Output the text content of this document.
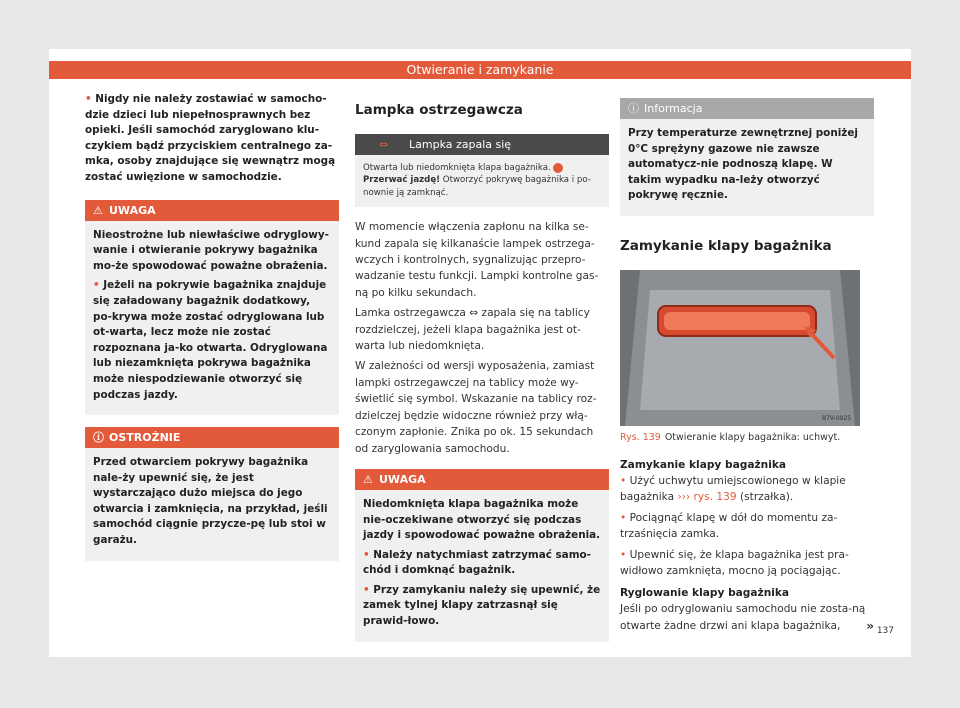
Otwieranie i zamykanie
• Nigdy nie należy zostawiać w samocho-dzie dzieci lub niepełnosprawnych bez opieki. Jeśli samochód zaryglowano klu-czykiem bądź przyciskiem centralnego za-mka, osoby znajdujące się wewnątrz mogą zostać uwięzione w samochodzie.
⚠ UWAGA

Nieostrożne lub niewłaściwe odryglowy-wanie i otwieranie pokrywy bagażnika mo-że spowodować poważne obrażenia.

• Jeżeli na pokrywie bagażnika znajduje się załadowany bagażnik dodatkowy, po-krywa może zostać odryglowana lub ot-warta, lecz może nie zostać rozpoznana ja-ko otwarta. Odryglowana lub niezamknięta pokrywa bagażnika może niespodziewanie otworzyć się podczas jazdy.

ⓘ OSTROŻNIE

Przed otwarciem pokrywy bagażnika nale-ży upewnić się, że jest wystarczająco dużo miejsca do jego otwarcia i zamknięcia, na przykład, jeśli samochód ciągnie przycze-pę lub stoi w garażu.

Lampka ostrzegawcza
⇔ Lampka zapala się
Otwarta lub niedomknięta klapa bagażnika.
Przerwać jazdę! Otworzyć pokrywę bagażnika i po-nownie ją zamknąć.

W momencie włączenia zapłonu na kilka se-kund zapala się kilkanaście lampek ostrzega-wczych i kontrolnych, sygnalizując przepro-wadzanie testu funkcji. Lampki kontrolne gas-ną po kilku sekundach.

Lamka ostrzegawcza ⇔ zapala się na tablicy rozdzielczej, jeżeli klapa bagażnika jest ot-warta lub niedomknięta.

W zależności od wersji wyposażenia, zamiast lampki ostrzegawczej na tablicy może wy-świetlić się symbol. Wskazanie na tablicy roz-dzielczej będzie widoczne również przy włą-czonym zapłonie. Znika po ok. 15 sekundach od zaryglowania samochodu.

⚠ UWAGA

Niedomknięta klapa bagażnika może nie-oczekiwane otworzyć się podczas jazdy i spowodować poważne obrażenia.

• Należy natychmiast zatrzymać samo-chód i domknąć bagażnik.

• Przy zamykaniu należy się upewnić, że zamek tylnej klapy zatrzasnął się prawid-łowo.

ⓘ Informacja

Przy temperaturze zewnętrznej poniżej 0°C sprężyny gazowe nie zawsze automatycz-nie podnoszą klapę. W takim wypadku na-leży otworzyć pokrywę ręcznie.

Zamykanie klapy bagażnika
B7V-0925
Rys. 139 Otwieranie klapy bagażnika: uchwyt.
Zamykanie klapy bagażnika

• Użyć uchwytu umiejscowionego w klapie bagażnika ››› rys. 139 (strzałka).

• Pociągnąć klapę w dół do momentu za-trzaśnięcia zamka.

• Upewnić się, że klapa bagażnika jest pra-widłowo zamknięta, mocno ją pociągając.

Ryglowanie klapy bagażnika

Jeśli po odryglowaniu samochodu nie zosta-ną otwarte żadne drzwi ani klapa bagażnika, » 137
